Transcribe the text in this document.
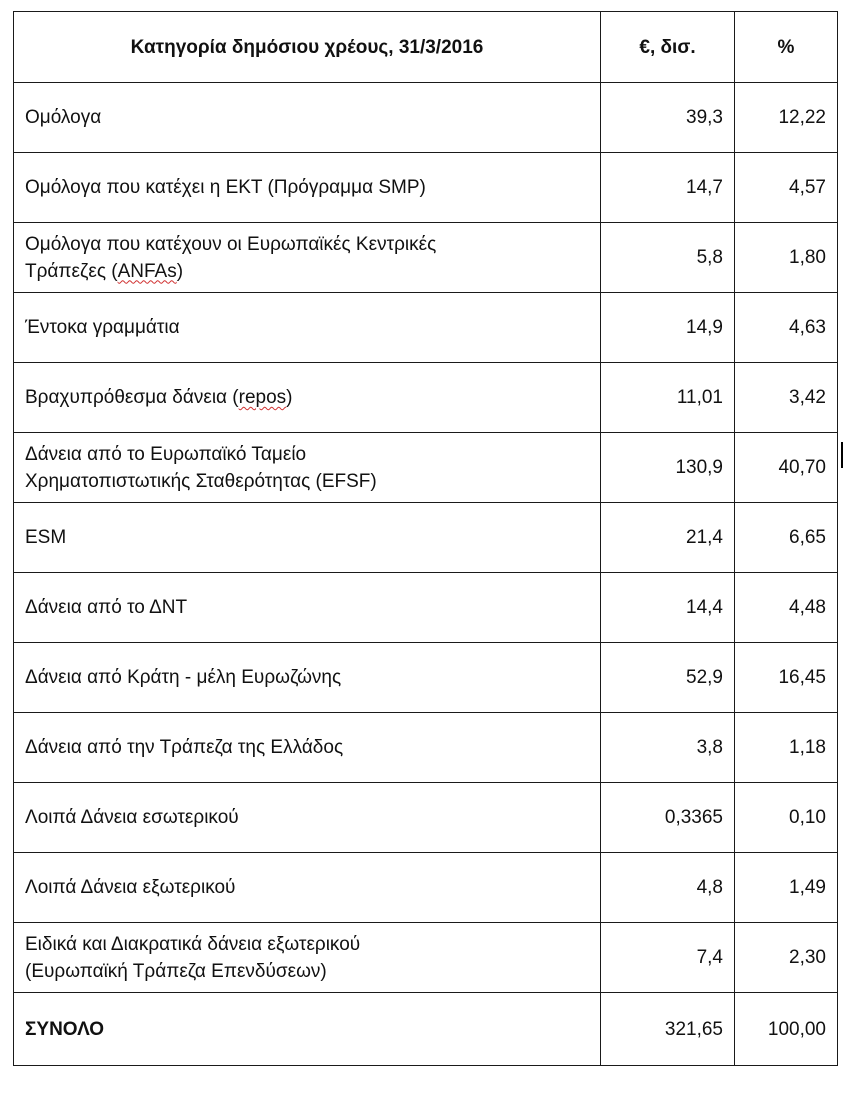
Κατηγορία δημόσιου χρέους, 31/3/2016	€, δισ.	%
Ομόλογα	39,3	12,22
Ομόλογα που κατέχει η ΕΚΤ (Πρόγραμμα SMP)	14,7	4,57
Ομόλογα που κατέχουν οι Ευρωπαϊκές Κεντρικές
Τράπεζες (ANFAs)	5,8	1,80
Έντοκα γραμμάτια	14,9	4,63
Βραχυπρόθεσμα δάνεια (repos)	11,01	3,42
Δάνεια από το Ευρωπαϊκό Ταμείο
Χρηματοπιστωτικής Σταθερότητας (EFSF)	130,9	40,70
ESM	21,4	6,65
Δάνεια από το ΔΝΤ	14,4	4,48
Δάνεια από Κράτη - μέλη Ευρωζώνης	52,9	16,45
Δάνεια από την Τράπεζα της Ελλάδος	3,8	1,18
Λοιπά Δάνεια εσωτερικού	0,3365	0,10
Λοιπά Δάνεια εξωτερικού	4,8	1,49
Ειδικά και Διακρατικά δάνεια εξωτερικού
(Ευρωπαϊκή Τράπεζα Επενδύσεων)	7,4	2,30
ΣΥΝΟΛΟ	321,65	100,00
